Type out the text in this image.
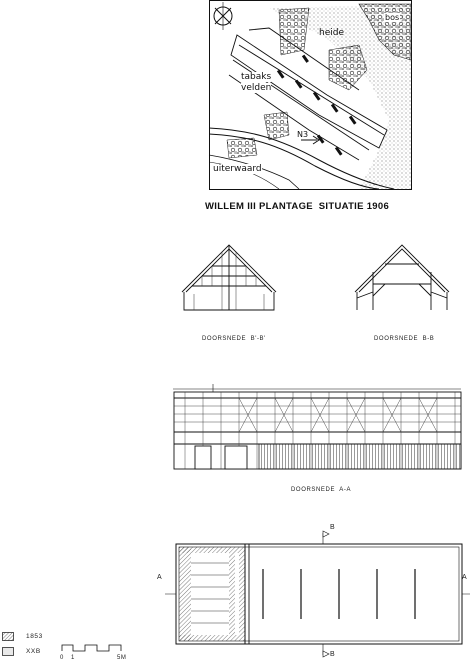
heide
bos
tabaks
velden
N3
uiterwaard
WILLEM III PLANTAGE  SITUATIE 1906
DOORSNEDE  B'-B'	DOORSNEDE  B-B
DOORSNEDE  A-A
B
B
A	A
1853
XXB
0 1	5M
